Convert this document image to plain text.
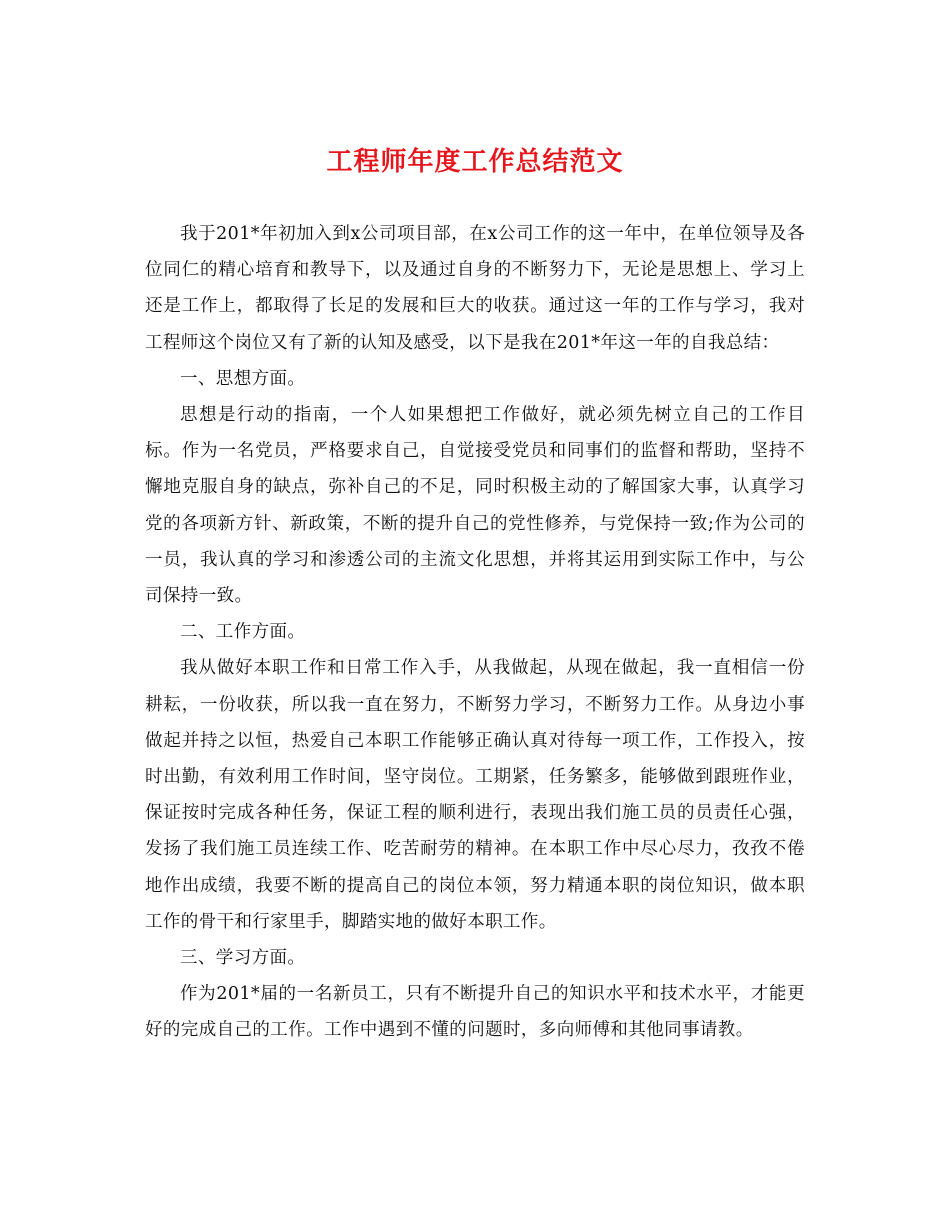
工程师年度工作总结范文

我于201*年初加入到x公司项目部，在x公司工作的这一年中，在单位领导及各位同仁的精心培育和教导下，以及通过自身的不断努力下，无论是思想上、学习上还是工作上，都取得了长足的发展和巨大的收获。通过这一年的工作与学习，我对工程师这个岗位又有了新的认知及感受，以下是我在201*年这一年的自我总结：

一、思想方面。

思想是行动的指南，一个人如果想把工作做好，就必须先树立自己的工作目标。作为一名党员，严格要求自己，自觉接受党员和同事们的监督和帮助，坚持不懈地克服自身的缺点，弥补自己的不足，同时积极主动的了解国家大事，认真学习党的各项新方针、新政策，不断的提升自己的党性修养，与党保持一致;作为公司的一员，我认真的学习和渗透公司的主流文化思想，并将其运用到实际工作中，与公司保持一致。

二、工作方面。

我从做好本职工作和日常工作入手，从我做起，从现在做起，我一直相信一份耕耘，一份收获，所以我一直在努力，不断努力学习，不断努力工作。从身边小事做起并持之以恒，热爱自己本职工作能够正确认真对待每一项工作，工作投入，按时出勤，有效利用工作时间，坚守岗位。工期紧，任务繁多，能够做到跟班作业，保证按时完成各种任务，保证工程的顺利进行，表现出我们施工员的员责任心强，发扬了我们施工员连续工作、吃苦耐劳的精神。在本职工作中尽心尽力，孜孜不倦地作出成绩，我要不断的提高自己的岗位本领，努力精通本职的岗位知识，做本职工作的骨干和行家里手，脚踏实地的做好本职工作。

三、学习方面。

作为201*届的一名新员工，只有不断提升自己的知识水平和技术水平，才能更好的完成自己的工作。工作中遇到不懂的问题时，多向师傅和其他同事请教。
